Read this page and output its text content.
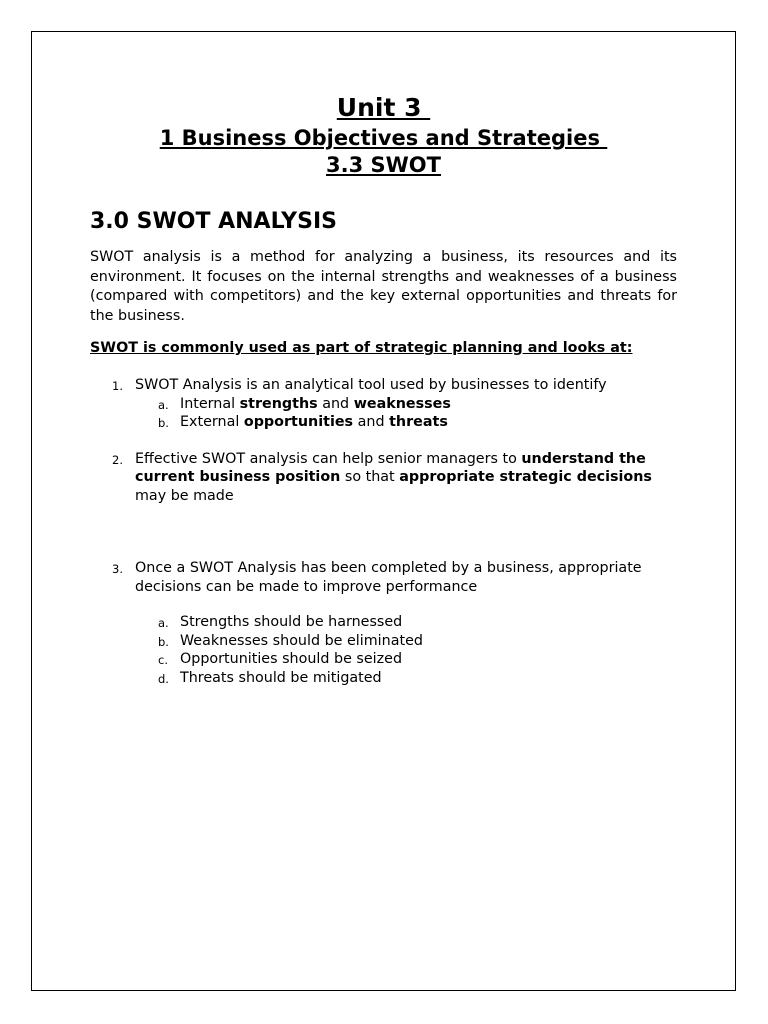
Unit 3

1 Business Objectives and Strategies

3.3 SWOT

3.0 SWOT ANALYSIS

SWOT analysis is a method for analyzing a business, its resources and its environment. It focuses on the internal strengths and weaknesses of a business (compared with competitors) and the key external opportunities and threats for the business.

SWOT is commonly used as part of strategic planning and looks at:

1. SWOT Analysis is an analytical tool used by businesses to identify
a. Internal strengths and weaknesses
b. External opportunities and threats
2. Effective SWOT analysis can help senior managers to understand the current business position so that appropriate strategic decisions may be made
3. Once a SWOT Analysis has been completed by a business, appropriate decisions can be made to improve performance
a. Strengths should be harnessed
b. Weaknesses should be eliminated
c. Opportunities should be seized
d. Threats should be mitigated
